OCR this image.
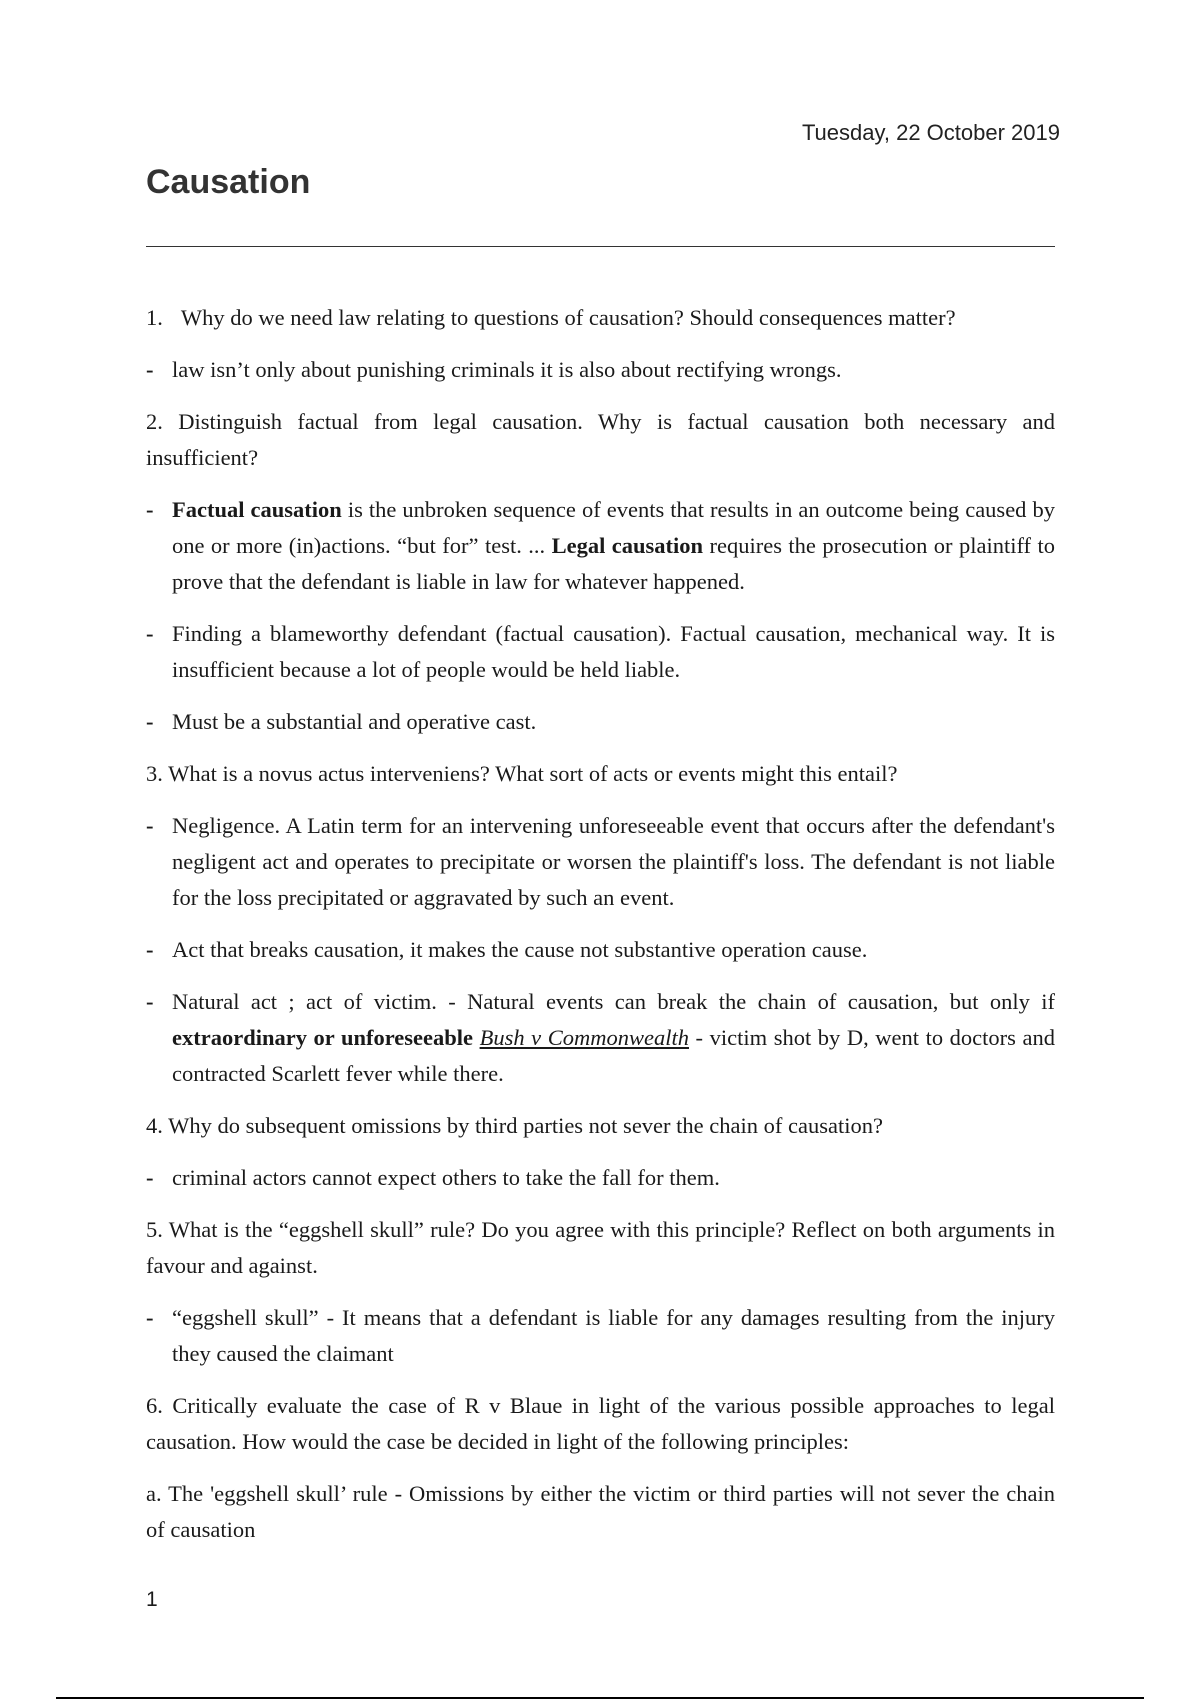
Tuesday, 22 October 2019
Causation

1. Why do we need law relating to questions of causation? Should consequences matter?

- law isn’t only about punishing criminals it is also about rectifying wrongs.

2. Distinguish factual from legal causation. Why is factual causation both necessary and insufficient?

- Factual causation is the unbroken sequence of events that results in an outcome being caused by one or more (in)actions. “but for” test. ... Legal causation requires the prosecution or plaintiff to prove that the defendant is liable in law for whatever happened.

- Finding a blameworthy defendant (factual causation). Factual causation, mechanical way. It is insufficient because a lot of people would be held liable.

- Must be a substantial and operative cast.

3. What is a novus actus interveniens? What sort of acts or events might this entail?

- Negligence. A Latin term for an intervening unforeseeable event that occurs after the defendant's negligent act and operates to precipitate or worsen the plaintiff's loss. The defendant is not liable for the loss precipitated or aggravated by such an event.

- Act that breaks causation, it makes the cause not substantive operation cause.

- Natural act ; act of victim. - Natural events can break the chain of causation, but only if extraordinary or unforeseeable Bush v Commonwealth - victim shot by D, went to doctors and contracted Scarlett fever while there.

4. Why do subsequent omissions by third parties not sever the chain of causation?

- criminal actors cannot expect others to take the fall for them.

5. What is the “eggshell skull” rule? Do you agree with this principle? Reflect on both arguments in favour and against.

- “eggshell skull” - It means that a defendant is liable for any damages resulting from the injury they caused the claimant

6. Critically evaluate the case of R v Blaue in light of the various possible approaches to legal causation. How would the case be decided in light of the following principles:

a. The 'eggshell skull’ rule - Omissions by either the victim or third parties will not sever the chain of causation

1
